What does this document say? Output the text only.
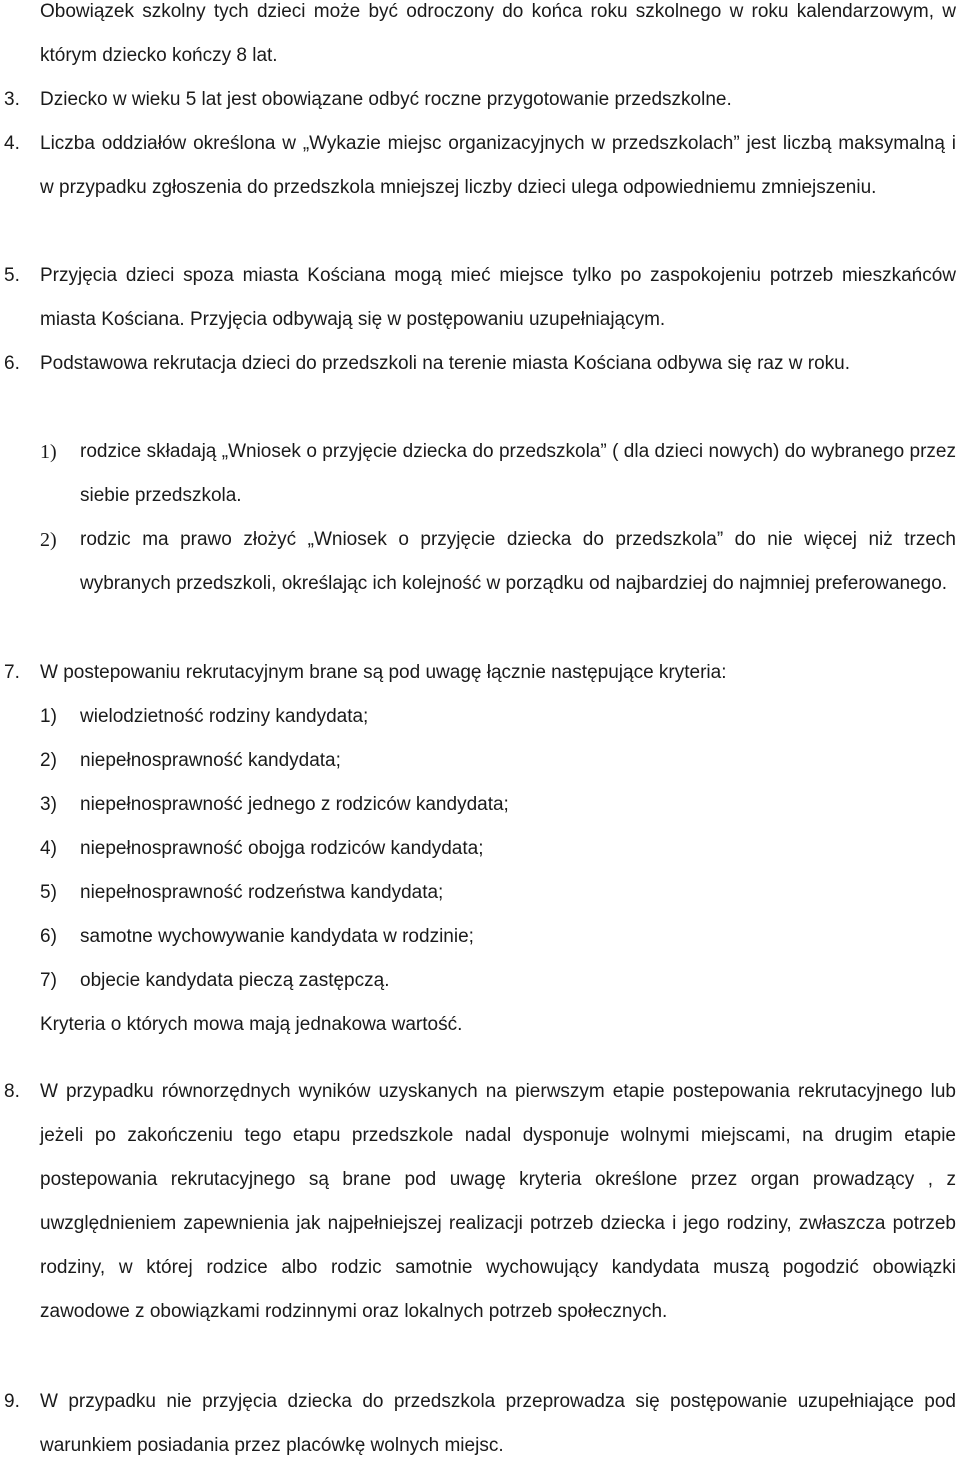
Obowiązek szkolny tych dzieci może być odroczony do końca roku szkolnego w roku kalendarzowym, w którym dziecko kończy 8 lat.
3.	Dziecko w wieku 5 lat jest obowiązane odbyć roczne przygotowanie przedszkolne.
4.	Liczba oddziałów określona w „Wykazie miejsc organizacyjnych w przedszkolach” jest liczbą maksymalną i w przypadku zgłoszenia do przedszkola mniejszej liczby dzieci ulega odpowiedniemu zmniejszeniu.
5.	Przyjęcia dzieci spoza miasta Kościana mogą mieć miejsce tylko po zaspokojeniu potrzeb mieszkańców miasta Kościana. Przyjęcia odbywają się w postępowaniu uzupełniającym.
6.	Podstawowa rekrutacja dzieci do przedszkoli na terenie miasta Kościana odbywa się raz w roku.
1)	rodzice składają „Wniosek o przyjęcie dziecka do przedszkola” ( dla dzieci nowych) do wybranego przez siebie przedszkola.
2)	rodzic ma prawo złożyć „Wniosek o przyjęcie dziecka do przedszkola” do nie więcej niż trzech wybranych przedszkoli, określając ich kolejność w porządku od najbardziej do najmniej preferowanego.
7.	W postepowaniu rekrutacyjnym brane są pod uwagę łącznie następujące kryteria:
1)	wielodzietność rodziny kandydata;
2)	niepełnosprawność kandydata;
3)	niepełnosprawność jednego z rodziców kandydata;
4)	niepełnosprawność obojga rodziców kandydata;
5)	niepełnosprawność rodzeństwa kandydata;
6)	samotne wychowywanie kandydata w rodzinie;
7)	objecie kandydata pieczą zastępczą.
Kryteria o których mowa mają jednakowa wartość.
8.	W przypadku równorzędnych wyników uzyskanych na pierwszym etapie postepowania rekrutacyjnego lub jeżeli po zakończeniu tego etapu przedszkole nadal dysponuje wolnymi miejscami, na drugim etapie postepowania rekrutacyjnego są brane pod uwagę kryteria określone przez organ prowadzący , z uwzględnieniem zapewnienia jak najpełniejszej realizacji potrzeb dziecka i jego rodziny, zwłaszcza potrzeb rodziny, w której rodzice albo rodzic samotnie wychowujący kandydata muszą pogodzić obowiązki zawodowe z obowiązkami rodzinnymi oraz lokalnych potrzeb społecznych.
9.	W przypadku nie przyjęcia dziecka do przedszkola przeprowadza się postępowanie uzupełniające pod warunkiem posiadania przez placówkę wolnych miejsc.
